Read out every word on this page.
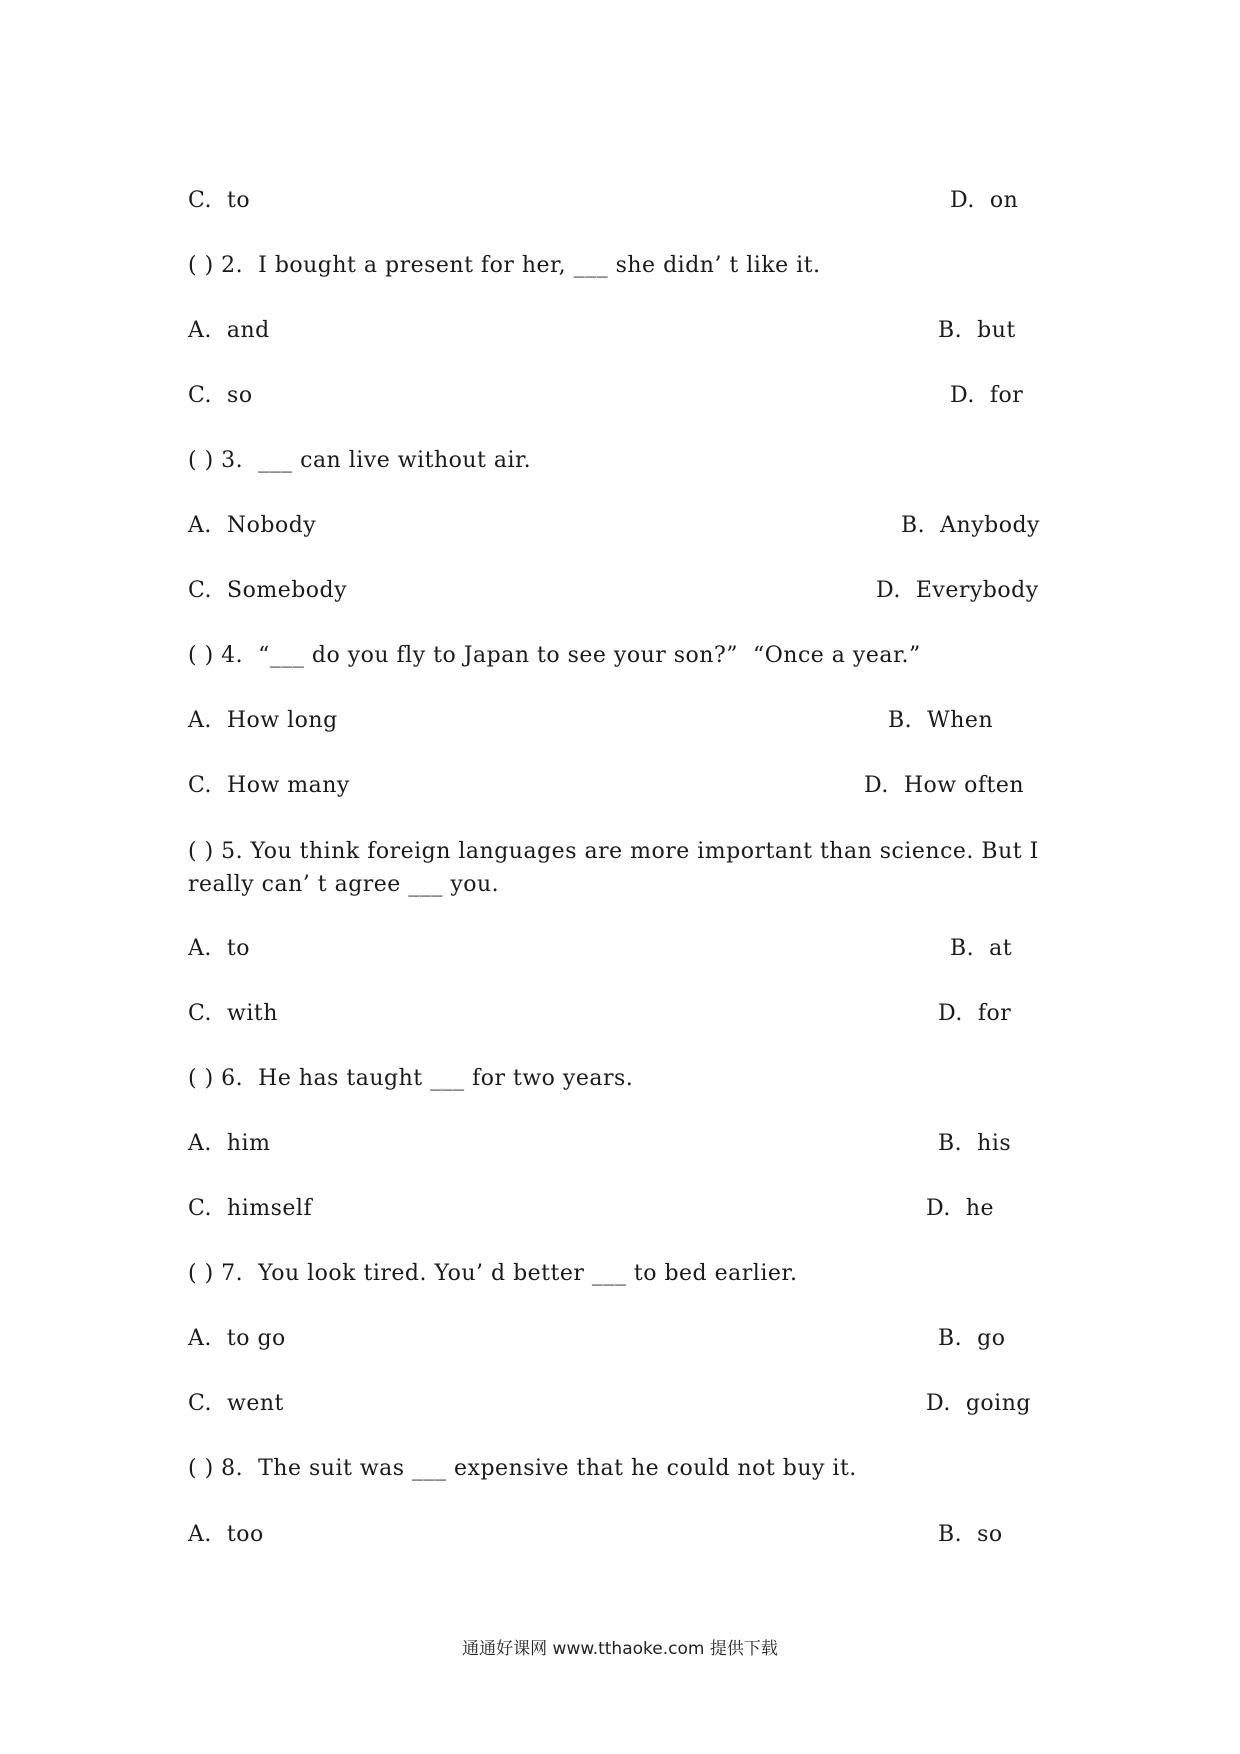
C.  to	D.  on
( ) 2.  I bought a present for her, ___ she didn’ t like it.
A.  and	B.  but
C.  so	D.  for
( ) 3.  ___ can live without air.
A.  Nobody	B.  Anybody
C.  Somebody	D.  Everybody
( ) 4.  “___ do you fly to Japan to see your son?”  “Once a year.”
A.  How long	B.  When
C.  How many	D.  How often
( ) 5. You think foreign languages are more important than science. But I really can’ t agree ___ you.
A.  to	B.  at
C.  with	D.  for
( ) 6.  He has taught ___ for two years.
A.  him	B.  his
C.  himself	D.  he
( ) 7.  You look tired. You’ d better ___ to bed earlier.
A.  to go	B.  go
C.  went	D.  going
( ) 8.  The suit was ___ expensive that he could not buy it.
A.  too	B.  so
通通好课网 www.tthaoke.com 提供下载
